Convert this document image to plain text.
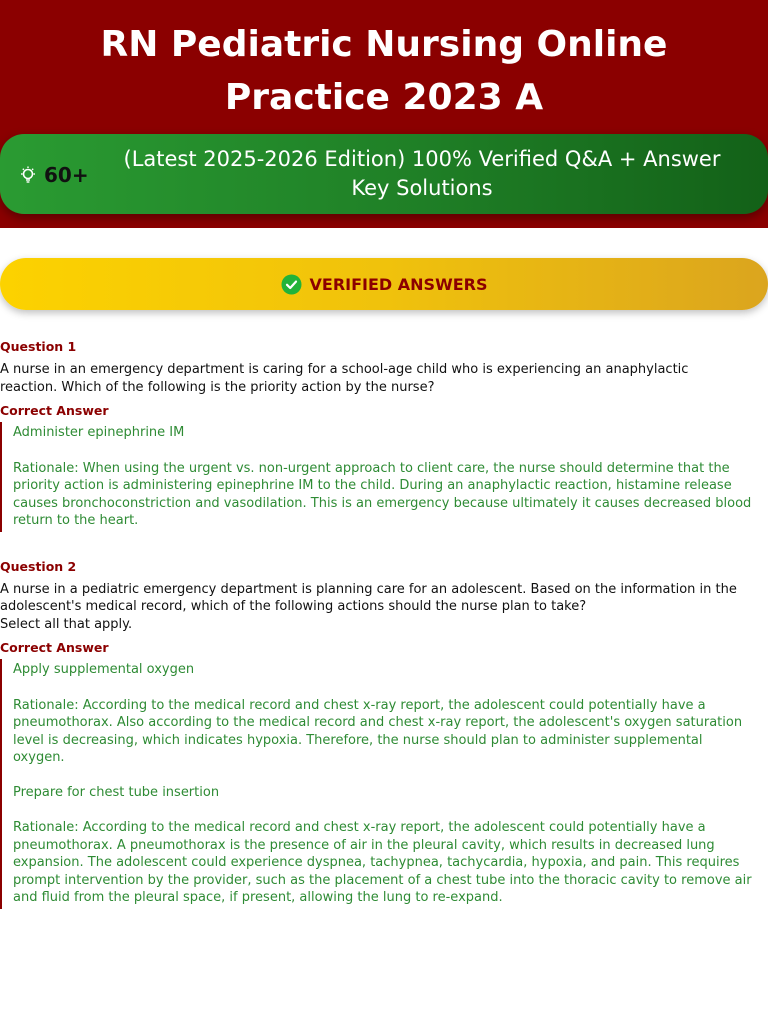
RN Pediatric Nursing Online Practice 2023 A
60+
(Latest 2025-2026 Edition) 100% Verified Q&A + Answer Key Solutions
VERIFIED ANSWERS
Question 1
A nurse in an emergency department is caring for a school-age child who is experiencing an anaphylactic reaction. Which of the following is the priority action by the nurse?
Correct Answer
Administer epinephrine IM
Rationale: When using the urgent vs. non-urgent approach to client care, the nurse should determine that the priority action is administering epinephrine IM to the child. During an anaphylactic reaction, histamine release causes bronchoconstriction and vasodilation. This is an emergency because ultimately it causes decreased blood return to the heart.
Question 2
A nurse in a pediatric emergency department is planning care for an adolescent. Based on the information in the adolescent's medical record, which of the following actions should the nurse plan to take?
Select all that apply.
Correct Answer
Apply supplemental oxygen
Rationale: According to the medical record and chest x-ray report, the adolescent could potentially have a pneumothorax. Also according to the medical record and chest x-ray report, the adolescent's oxygen saturation level is decreasing, which indicates hypoxia. Therefore, the nurse should plan to administer supplemental oxygen.
Prepare for chest tube insertion
Rationale: According to the medical record and chest x-ray report, the adolescent could potentially have a pneumothorax. A pneumothorax is the presence of air in the pleural cavity, which results in decreased lung expansion. The adolescent could experience dyspnea, tachypnea, tachycardia, hypoxia, and pain. This requires prompt intervention by the provider, such as the placement of a chest tube into the thoracic cavity to remove air and fluid from the pleural space, if present, allowing the lung to re-expand.
